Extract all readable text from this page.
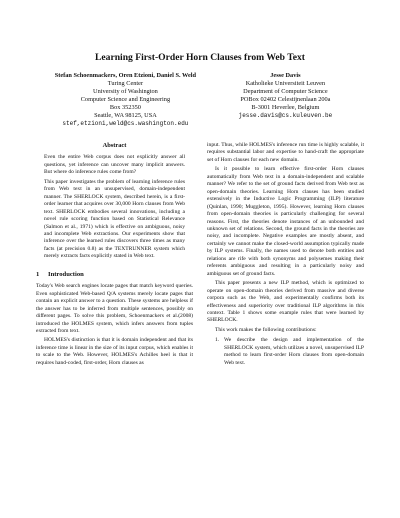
Learning First-Order Horn Clauses from Web Text
Stefan Schoenmackers, Oren Etzioni, Daniel S. Weld
Turing Center
University of Washington
Computer Science and Engineering
Box 352350
Seattle, WA 98125, USA
stef,etzioni,weld@cs.washington.edu
Jesse Davis
Katholieke Universiteit Leuven
Department of Computer Science
POBox 02402 Celestijnenlaan 200a
B-3001 Heverlee, Belgium
jesse.davis@cs.kuleuven.be
Abstract

Even the entire Web corpus does not explicitly answer all questions, yet inference can uncover many implicit answers. But where do inference rules come from?

This paper investigates the problem of learning inference rules from Web text in an unsupervised, domain-independent manner. The SHERLOCK system, described herein, is a first-order learner that acquires over 30,000 Horn clauses from Web text. SHERLOCK embodies several innovations, including a novel rule scoring function based on Statistical Relevance (Salmon et al., 1971) which is effective on ambiguous, noisy and incomplete Web extractions. Our experiments show that inference over the learned rules discovers three times as many facts (at precision 0.8) as the TEXTRUNNER system which merely extracts facts explicitly stated in Web text.

1 Introduction

Today's Web search engines locate pages that match keyword queries. Even sophisticated Web-based Q/A systems merely locate pages that contain an explicit answer to a question. These systems are helpless if the answer has to be inferred from multiple sentences, possibly on different pages. To solve this problem, Schoenmackers et al.(2008) introduced the HOLMES system, which infers answers from tuples extracted from text.

HOLMES's distinction is that it is domain independent and that its inference time is linear in the size of its input corpus, which enables it to scale to the Web. However, HOLMES's Achilles heel is that it requires hand-coded, first-order, Horn clauses as

input. Thus, while HOLMES's inference run time is highly scalable, it requires substantial labor and expertise to hand-craft the appropriate set of Horn clauses for each new domain.

Is it possible to learn effective first-order Horn clauses automatically from Web text in a domain-independent and scalable manner? We refer to the set of ground facts derived from Web text as open-domain theories. Learning Horn clauses has been studied extensively in the Inductive Logic Programming (ILP) literature (Quinlan, 1990; Muggleton, 1995). However, learning Horn clauses from open-domain theories is particularly challenging for several reasons. First, the theories denote instances of an unbounded and unknown set of relations. Second, the ground facts in the theories are noisy, and incomplete. Negative examples are mostly absent, and certainly we cannot make the closed-world assumption typically made by ILP systems. Finally, the names used to denote both entities and relations are rife with both synonyms and polysemes making their referents ambiguous and resulting in a particularly noisy and ambiguous set of ground facts.

This paper presents a new ILP method, which is optimized to operate on open-domain theories derived from massive and diverse corpora such as the Web, and experimentally confirms both its effectiveness and superiority over traditional ILP algorithms in this context. Table 1 shows some example rules that were learned by SHERLOCK.

This work makes the following contributions:

1. We describe the design and implementation of the SHERLOCK system, which utilizes a novel, unsupervised ILP method to learn first-order Horn clauses from open-domain Web text.
